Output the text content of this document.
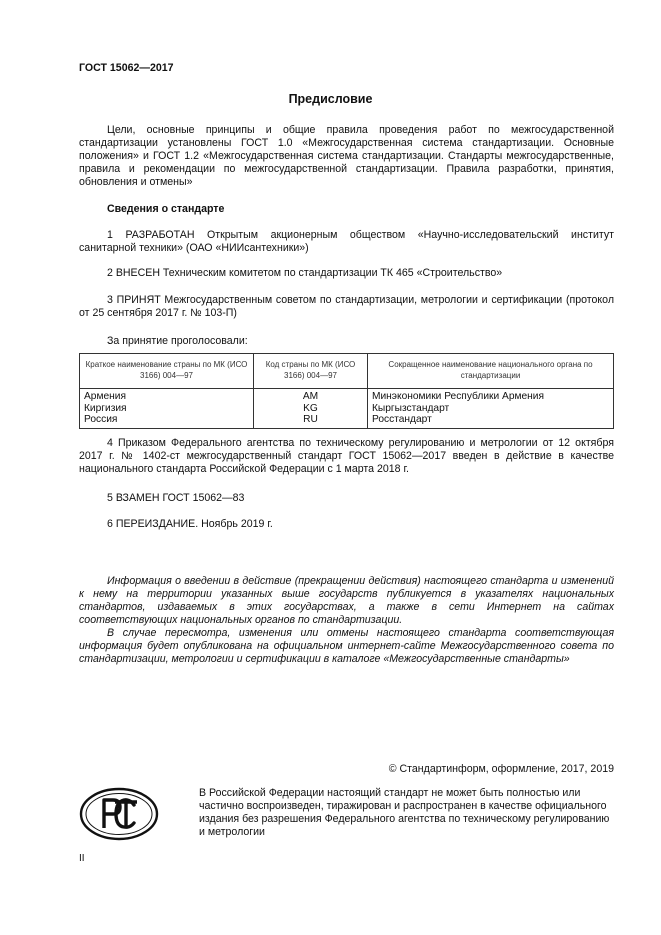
ГОСТ 15062—2017
Предисловие
Цели, основные принципы и общие правила проведения работ по межгосударственной стандартизации установлены ГОСТ 1.0 «Межгосударственная система стандартизации. Основные положения» и ГОСТ 1.2 «Межгосударственная система стандартизации. Стандарты межгосударственные, правила и рекомендации по межгосударственной стандартизации. Правила разработки, принятия, обновления и отмены»
Сведения о стандарте
1 РАЗРАБОТАН Открытым акционерным обществом «Научно-исследовательский институт санитарной техники» (ОАО «НИИсантехники»)
2 ВНЕСЕН Техническим комитетом по стандартизации ТК 465 «Строительство»
3 ПРИНЯТ Межгосударственным советом по стандартизации, метрологии и сертификации (протокол от 25 сентября 2017 г. № 103-П)
За принятие проголосовали:
Краткое наименование страны по МК (ИСО 3166) 004—97	Код страны по МК (ИСО 3166) 004—97	Сокращенное наименование национального органа по стандартизации
Армения	AM	Минэкономики Республики Армения
Киргизия	KG	Кыргызстандарт
Россия	RU	Росстандарт
4 Приказом Федерального агентства по техническому регулированию и метрологии от 12 октября 2017 г. № 1402-ст межгосударственный стандарт ГОСТ 15062—2017 введен в действие в качестве национального стандарта Российской Федерации с 1 марта 2018 г.
5 ВЗАМЕН ГОСТ 15062—83
6 ПЕРЕИЗДАНИЕ. Ноябрь 2019 г.
Информация о введении в действие (прекращении действия) настоящего стандарта и изменений к нему на территории указанных выше государств публикуется в указателях национальных стандартов, издаваемых в этих государствах, а также в сети Интернет на сайтах соответствующих национальных органов по стандартизации.
В случае пересмотра, изменения или отмены настоящего стандарта соответствующая информация будет опубликована на официальном интернет-сайте Межгосударственного совета по стандартизации, метрологии и сертификации в каталоге «Межгосударственные стандарты»
© Стандартинформ, оформление, 2017, 2019
В Российской Федерации настоящий стандарт не может быть полностью или частично воспроизведен, тиражирован и распространен в качестве официального издания без разрешения Федерального агентства по техническому регулированию и метрологии
II
